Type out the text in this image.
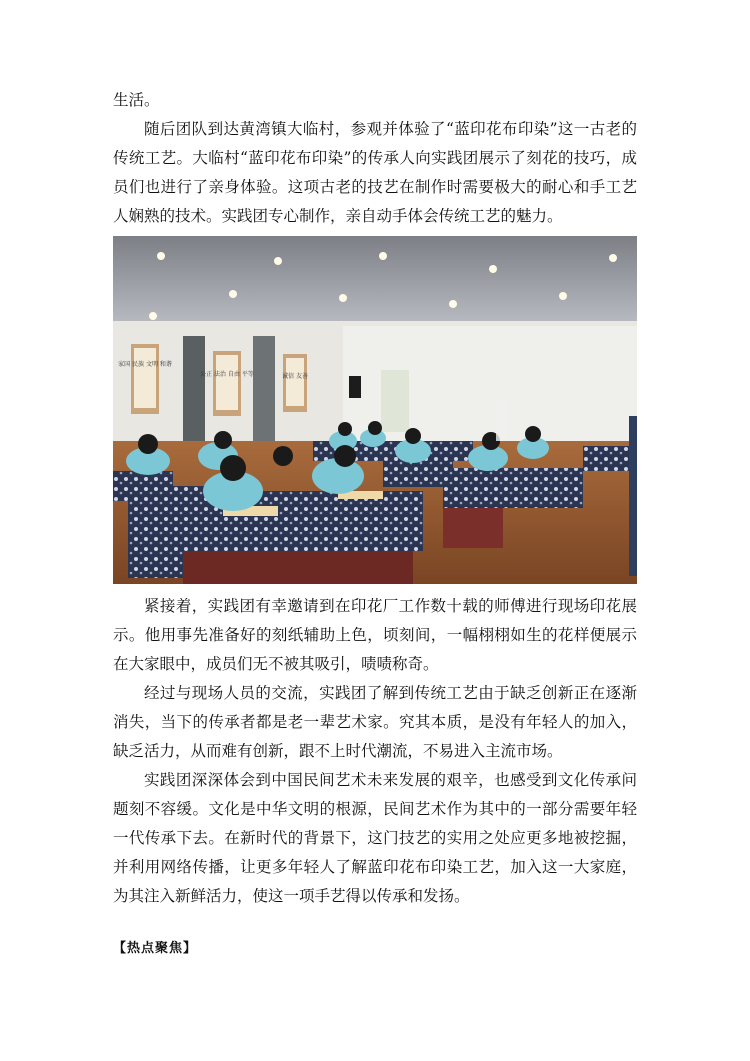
生活。

随后团队到达黄湾镇大临村，参观并体验了“蓝印花布印染”这一古老的传统工艺。大临村“蓝印花布印染”的传承人向实践团展示了刻花的技巧，成员们也进行了亲身体验。这项古老的技艺在制作时需要极大的耐心和手工艺人娴熟的技术。实践团专心制作，亲自动手体会传统工艺的魅力。

家国 民族 文明 和谐
公正 法治 自由 平等	诚信 友善

紧接着，实践团有幸邀请到在印花厂工作数十载的师傅进行现场印花展示。他用事先准备好的刻纸辅助上色，顷刻间，一幅栩栩如生的花样便展示在大家眼中，成员们无不被其吸引，啧啧称奇。

经过与现场人员的交流，实践团了解到传统工艺由于缺乏创新正在逐渐消失，当下的传承者都是老一辈艺术家。究其本质，是没有年轻人的加入，缺乏活力，从而难有创新，跟不上时代潮流，不易进入主流市场。

实践团深深体会到中国民间艺术未来发展的艰辛，也感受到文化传承问题刻不容缓。文化是中华文明的根源，民间艺术作为其中的一部分需要年轻一代传承下去。在新时代的背景下，这门技艺的实用之处应更多地被挖掘，并利用网络传播，让更多年轻人了解蓝印花布印染工艺，加入这一大家庭，为其注入新鲜活力，使这一项手艺得以传承和发扬。

【热点聚焦】
